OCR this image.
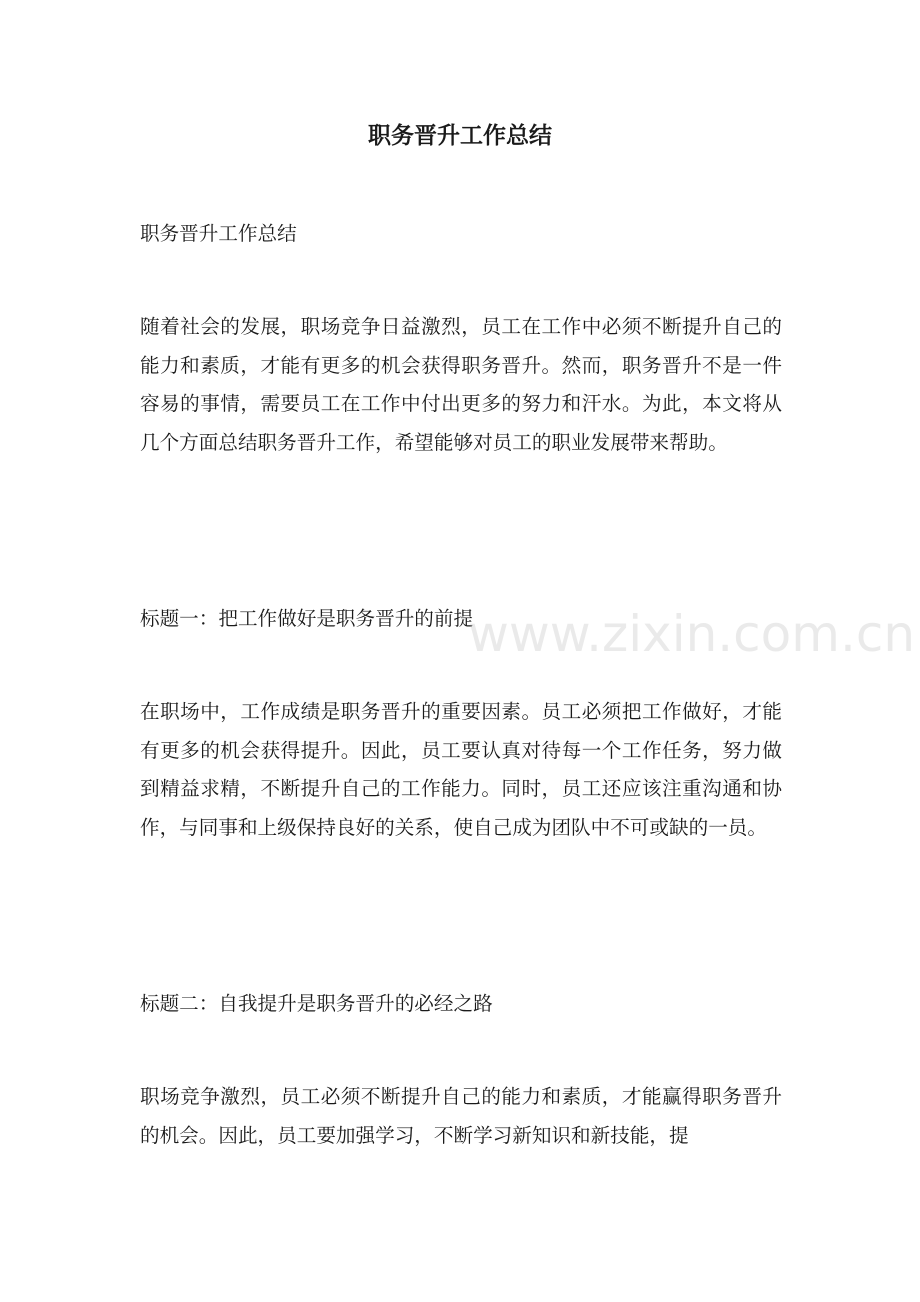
职务晋升工作总结

职务晋升工作总结

随着社会的发展，职场竞争日益激烈，员工在工作中必须不断提升自己的能力和素质，才能有更多的机会获得职务晋升。然而，职务晋升不是一件容易的事情，需要员工在工作中付出更多的努力和汗水。为此，本文将从几个方面总结职务晋升工作，希望能够对员工的职业发展带来帮助。

标题一：把工作做好是职务晋升的前提

在职场中，工作成绩是职务晋升的重要因素。员工必须把工作做好，才能有更多的机会获得提升。因此，员工要认真对待每一个工作任务，努力做到精益求精，不断提升自己的工作能力。同时，员工还应该注重沟通和协作，与同事和上级保持良好的关系，使自己成为团队中不可或缺的一员。

标题二：自我提升是职务晋升的必经之路

职场竞争激烈，员工必须不断提升自己的能力和素质，才能赢得职务晋升的机会。因此，员工要加强学习，不断学习新知识和新技能，提

www.zixin.com.cn
